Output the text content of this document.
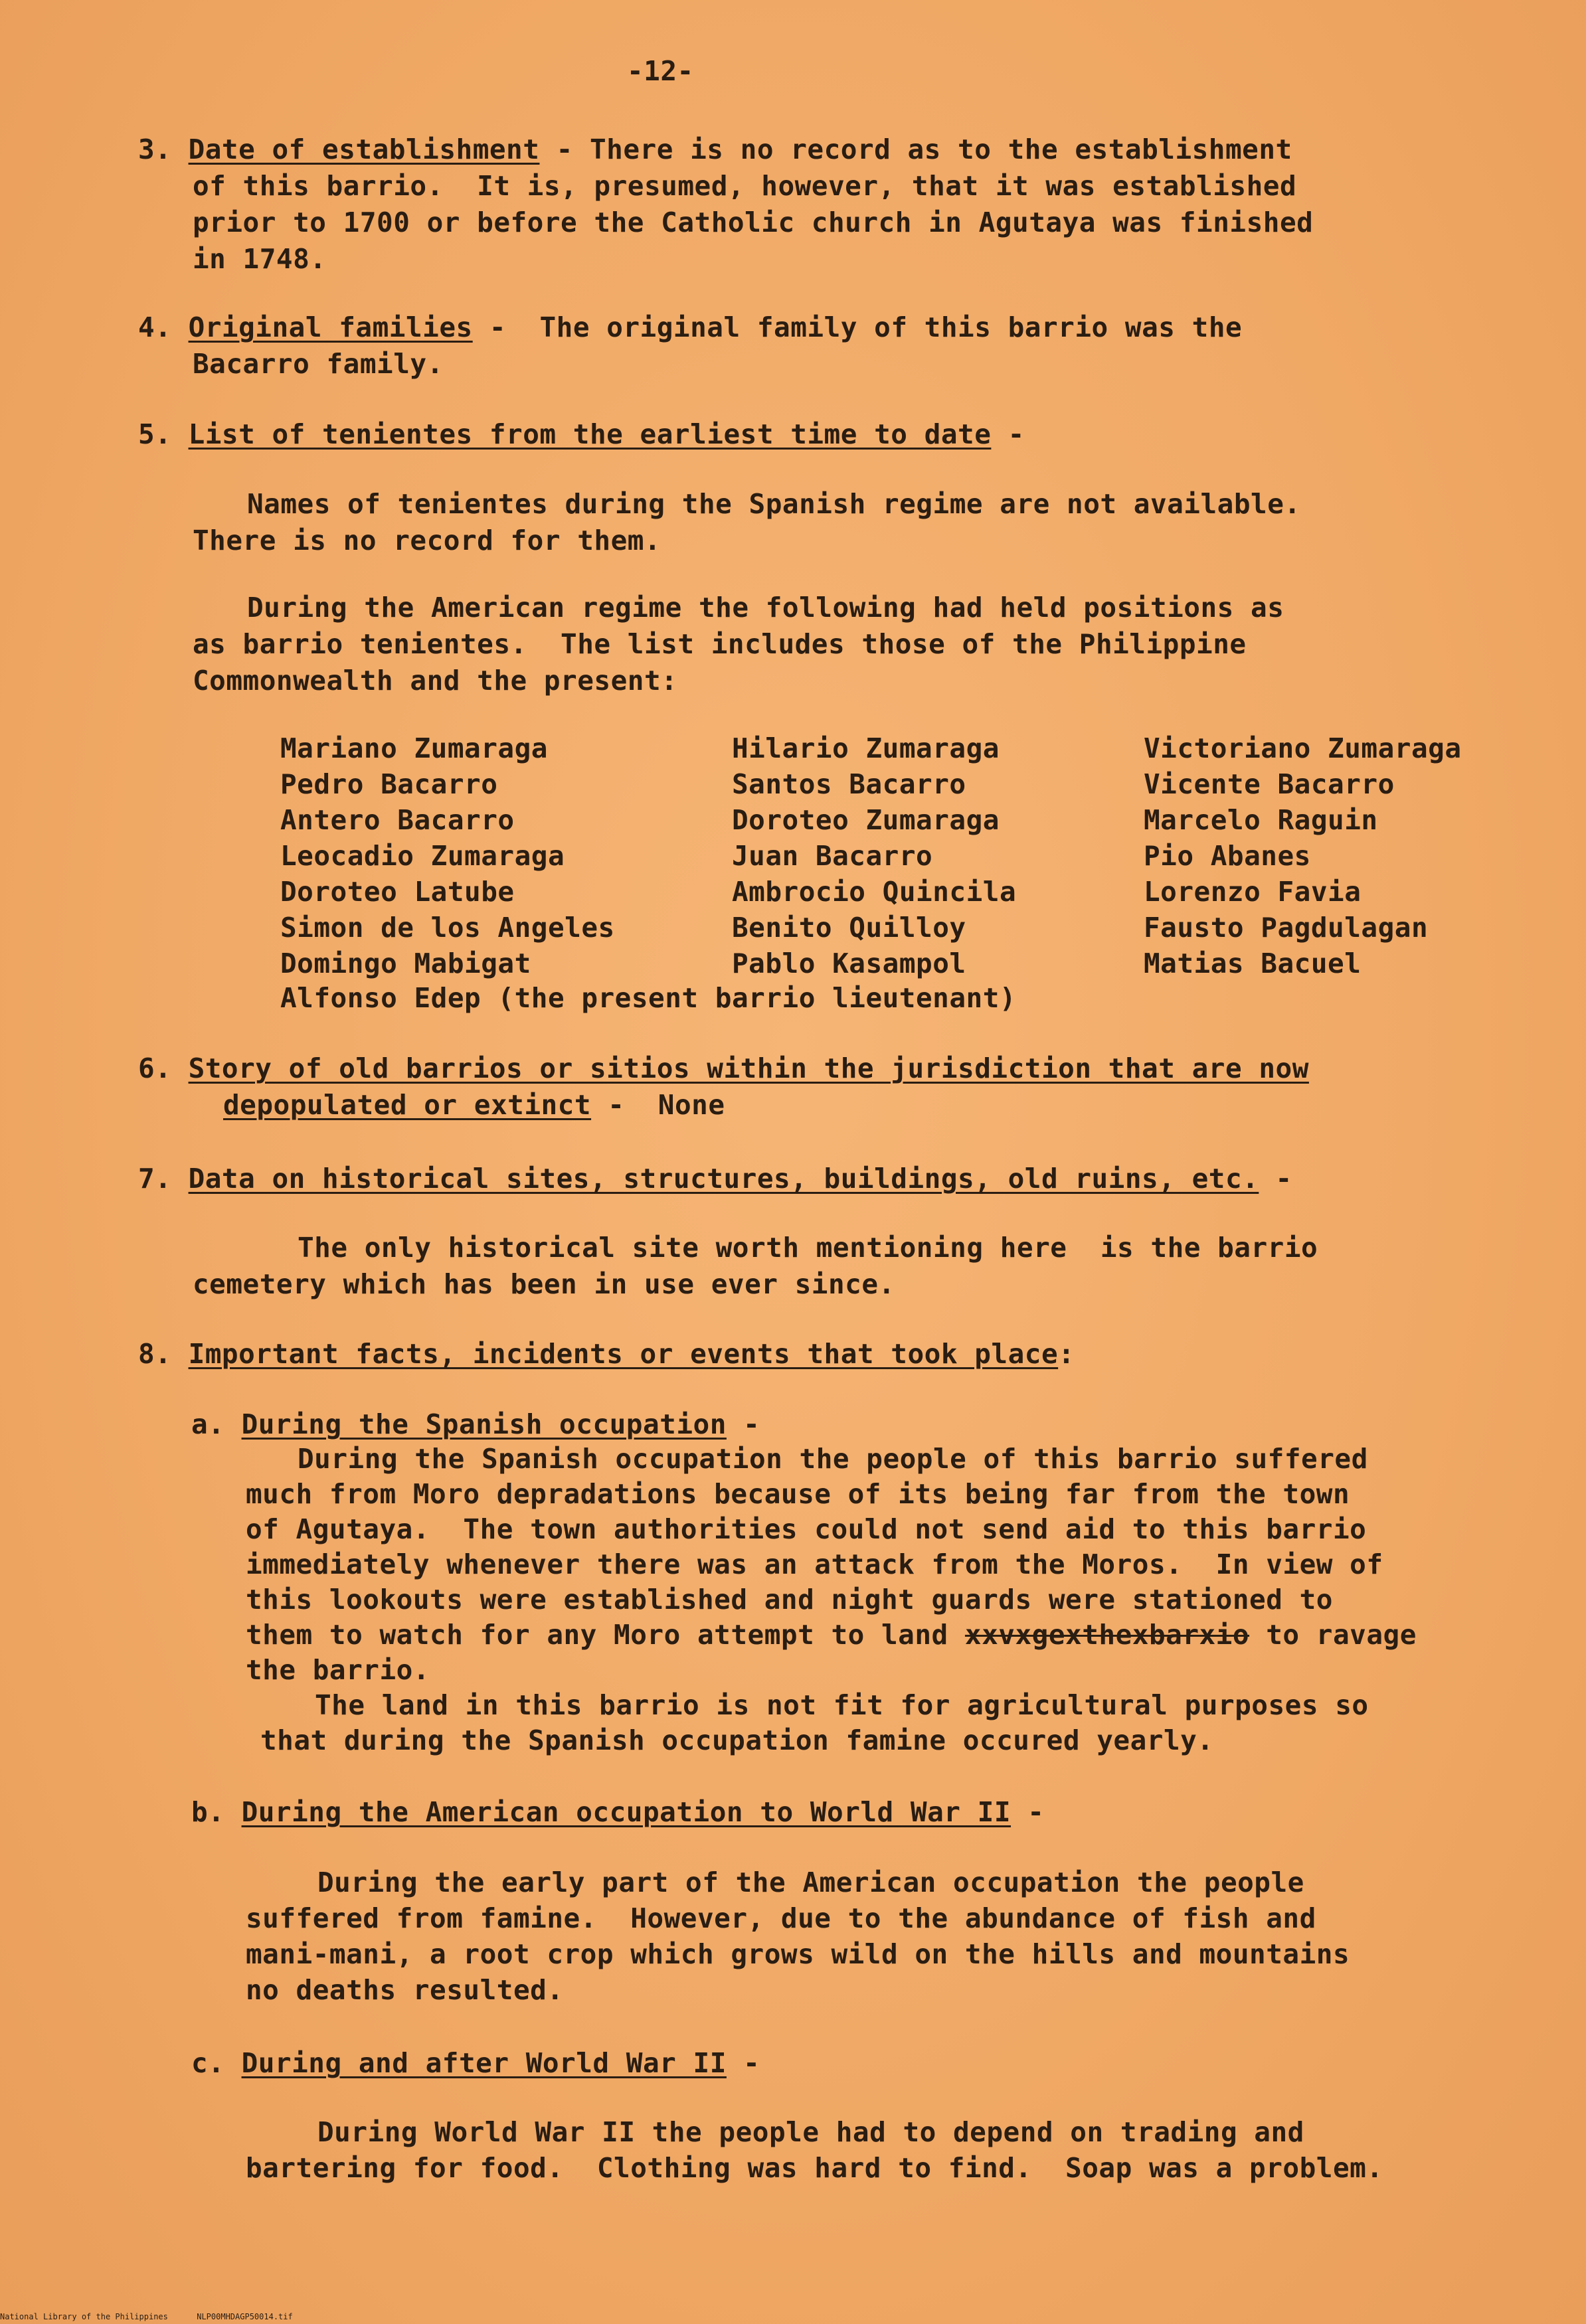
-12-
3. Date of establishment - There is no record as to the establishment
of this barrio.  It is, presumed, however, that it was established
prior to 1700 or before the Catholic church in Agutaya was finished
in 1748.
4. Original families -  The original family of this barrio was the
Bacarro family.
5. List of tenientes from the earliest time to date -
Names of tenientes during the Spanish regime are not available.
There is no record for them.
During the American regime the following had held positions as
as barrio tenientes.  The list includes those of the Philippine
Commonwealth and the present:
Mariano Zumaraga
Pedro Bacarro
Antero Bacarro
Leocadio Zumaraga
Doroteo Latube
Simon de los Angeles
Domingo Mabigat
Hilario Zumaraga
Santos Bacarro
Doroteo Zumaraga
Juan Bacarro
Ambrocio Quincila
Benito Quilloy
Pablo Kasampol
Victoriano Zumaraga
Vicente Bacarro
Marcelo Raguin
Pio Abanes
Lorenzo Favia
Fausto Pagdulagan
Matias Bacuel
Alfonso Edep (the present barrio lieutenant)
6. Story of old barrios or sitios within the jurisdiction that are now
depopulated or extinct -  None
7. Data on historical sites, structures, buildings, old ruins, etc. -
The only historical site worth mentioning here  is the barrio
cemetery which has been in use ever since.
8. Important facts, incidents or events that took place:
a. During the Spanish occupation -
During the Spanish occupation the people of this barrio suffered
much from Moro depradations because of its being far from the town
of Agutaya.  The town authorities could not send aid to this barrio
immediately whenever there was an attack from the Moros.  In view of
this lookouts were established and night guards were stationed to
them to watch for any Moro attempt to land xxvxgexthexbarxio to ravage
the barrio.
The land in this barrio is not fit for agricultural purposes so
that during the Spanish occupation famine occured yearly.
b. During the American occupation to World War II -
During the early part of the American occupation the people
suffered from famine.  However, due to the abundance of fish and
mani-mani, a root crop which grows wild on the hills and mountains
no deaths resulted.
c. During and after World War II -
During World War II the people had to depend on trading and
bartering for food.  Clothing was hard to find.  Soap was a problem.
National Library of the Philippines	NLP00MHDAGP50014.tif
